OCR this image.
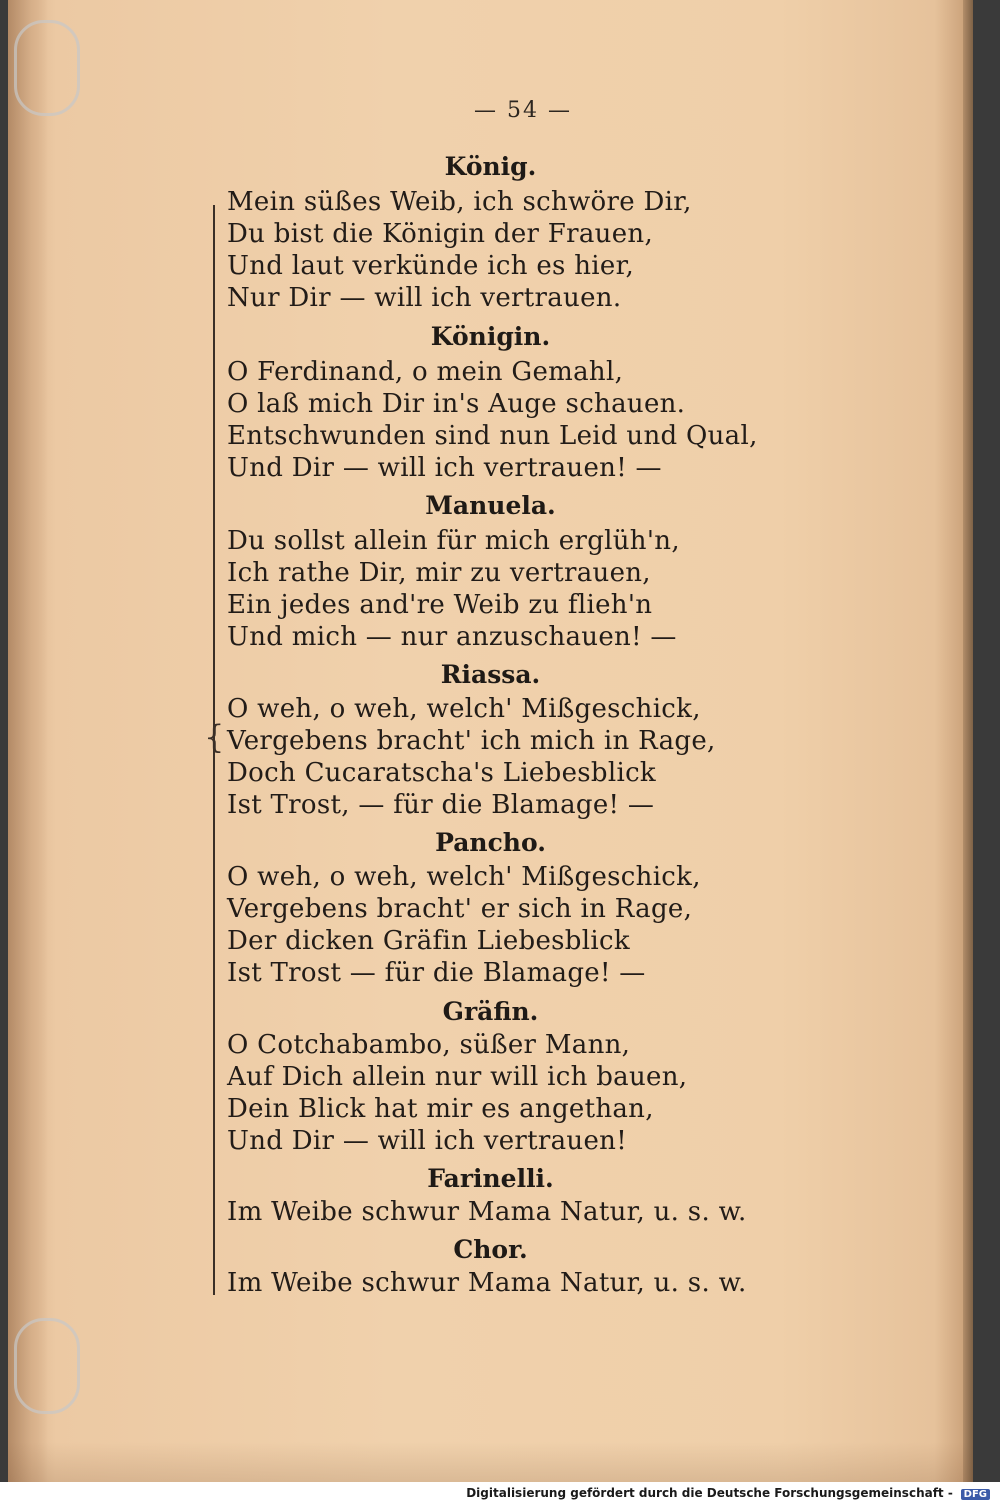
— 54 —
{
König.
Mein süßes Weib, ich schwöre Dir,
Du bist die Königin der Frauen,
Und laut verkünde ich es hier,
Nur Dir — will ich vertrauen.
Königin.
O Ferdinand, o mein Gemahl,
O laß mich Dir in's Auge schauen.
Entschwunden sind nun Leid und Qual,
Und Dir — will ich vertrauen! —
Manuela.
Du sollst allein für mich erglüh'n,
Ich rathe Dir, mir zu vertrauen,
Ein jedes and're Weib zu flieh'n
Und mich — nur anzuschauen! —
Riassa.
O weh, o weh, welch' Mißgeschick,
Vergebens bracht' ich mich in Rage,
Doch Cucaratscha's Liebesblick
Ist Trost, — für die Blamage! —
Pancho.
O weh, o weh, welch' Mißgeschick,
Vergebens bracht' er sich in Rage,
Der dicken Gräfin Liebesblick
Ist Trost — für die Blamage! —
Gräfin.
O Cotchabambo, süßer Mann,
Auf Dich allein nur will ich bauen,
Dein Blick hat mir es angethan,
Und Dir — will ich vertrauen!
Farinelli.
Im Weibe schwur Mama Natur, u. s. w.
Chor.
Im Weibe schwur Mama Natur, u. s. w.
Digitalisierung gefördert durch die Deutsche Forschungsgemeinschaft - DFG
